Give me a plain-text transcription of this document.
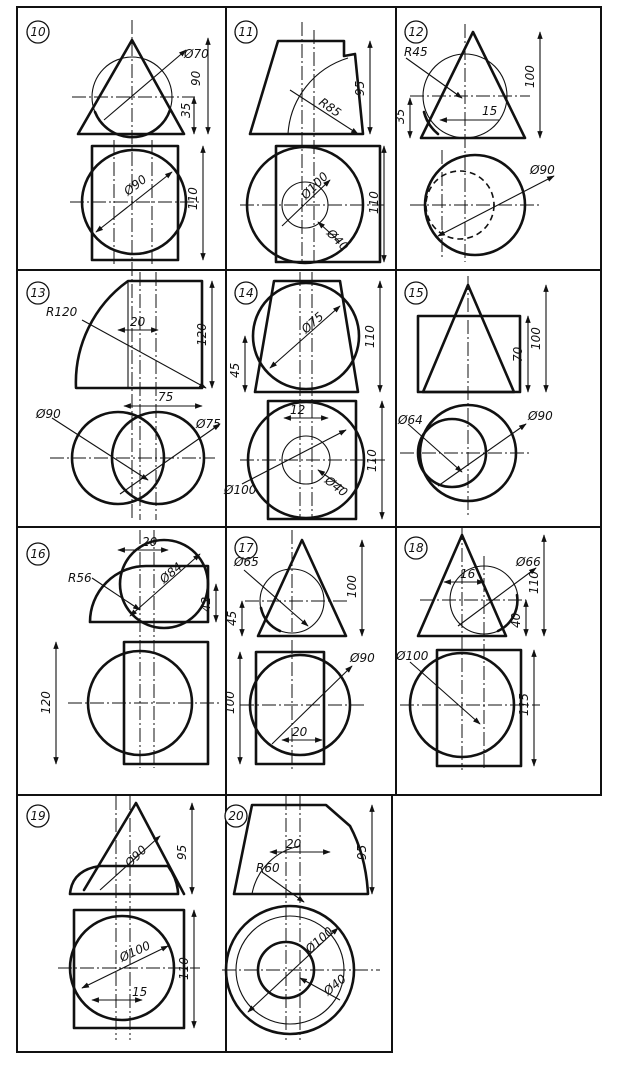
10
Ø70
90
35
Ø90
110
11
R85
95
Ø100
Ø40
110
12
R45
100
35	15
Ø90
13
R120
20
120
75
Ø90
Ø75
14
Ø75
110
45
12
Ø100	Ø40
110
15
70
100
Ø64	Ø90
16
20
R56	Ø84
42
120
17
Ø65
45
100
Ø90
100
20
18
16
Ø66
110
40
Ø100
115
19
95
Ø90
110
Ø100
15
20
95
20
R60
Ø100
Ø40
